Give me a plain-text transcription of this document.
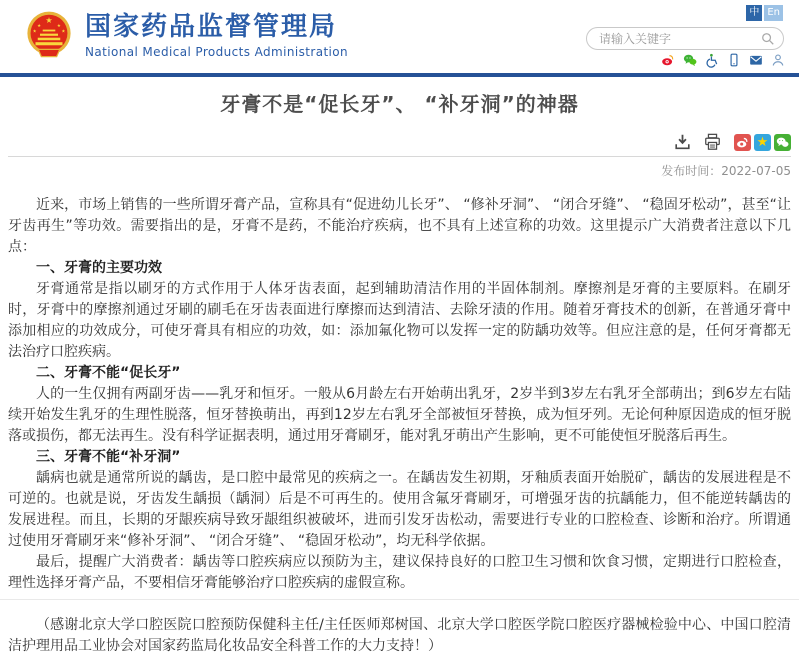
★
★	★
★	★ 国家药品监督管理局
National Medical Products Administration
中 En
请输入关键字
牙膏不是“促长牙”、 “补牙洞”的神器
★
发布时间：2022-07-05

近来，市场上销售的一些所谓牙膏产品，宣称具有“促进幼儿长牙”、 “修补牙洞”、 “闭合牙缝”、 “稳固牙松动”，甚至“让牙齿再生”等功效。需要指出的是，牙膏不是药，不能治疗疾病，也不具有上述宣称的功效。这里提示广大消费者注意以下几点：

一、牙膏的主要功效

牙膏通常是指以刷牙的方式作用于人体牙齿表面，起到辅助清洁作用的半固体制剂。摩擦剂是牙膏的主要原料。在刷牙时，牙膏中的摩擦剂通过牙刷的刷毛在牙齿表面进行摩擦而达到清洁、去除牙渍的作用。随着牙膏技术的创新，在普通牙膏中添加相应的功效成分，可使牙膏具有相应的功效，如：添加氟化物可以发挥一定的防龋功效等。但应注意的是，任何牙膏都无法治疗口腔疾病。

二、牙膏不能“促长牙”

人的一生仅拥有两副牙齿——乳牙和恒牙。一般从6月龄左右开始萌出乳牙，2岁半到3岁左右乳牙全部萌出；到6岁左右陆续开始发生乳牙的生理性脱落，恒牙替换萌出，再到12岁左右乳牙全部被恒牙替换，成为恒牙列。无论何种原因造成的恒牙脱落或损伤，都无法再生。没有科学证据表明，通过用牙膏刷牙，能对乳牙萌出产生影响，更不可能使恒牙脱落后再生。

三、牙膏不能“补牙洞”

龋病也就是通常所说的龋齿，是口腔中最常见的疾病之一。在龋齿发生初期，牙釉质表面开始脱矿，龋齿的发展进程是不可逆的。也就是说，牙齿发生龋损（龋洞）后是不可再生的。使用含氟牙膏刷牙，可增强牙齿的抗龋能力，但不能逆转龋齿的发展进程。而且，长期的牙龈疾病导致牙龈组织被破坏，进而引发牙齿松动，需要进行专业的口腔检查、诊断和治疗。所谓通过使用牙膏刷牙来“修补牙洞”、 “闭合牙缝”、 “稳固牙松动”，均无科学依据。

最后，提醒广大消费者：龋齿等口腔疾病应以预防为主，建议保持良好的口腔卫生习惯和饮食习惯，定期进行口腔检查，理性选择牙膏产品，不要相信牙膏能够治疗口腔疾病的虚假宣称。

（感谢北京大学口腔医院口腔预防保健科主任/主任医师郑树国、北京大学口腔医学院口腔医疗器械检验中心、中国口腔清洁护理用品工业协会对国家药监局化妆品安全科普工作的大力支持！）
